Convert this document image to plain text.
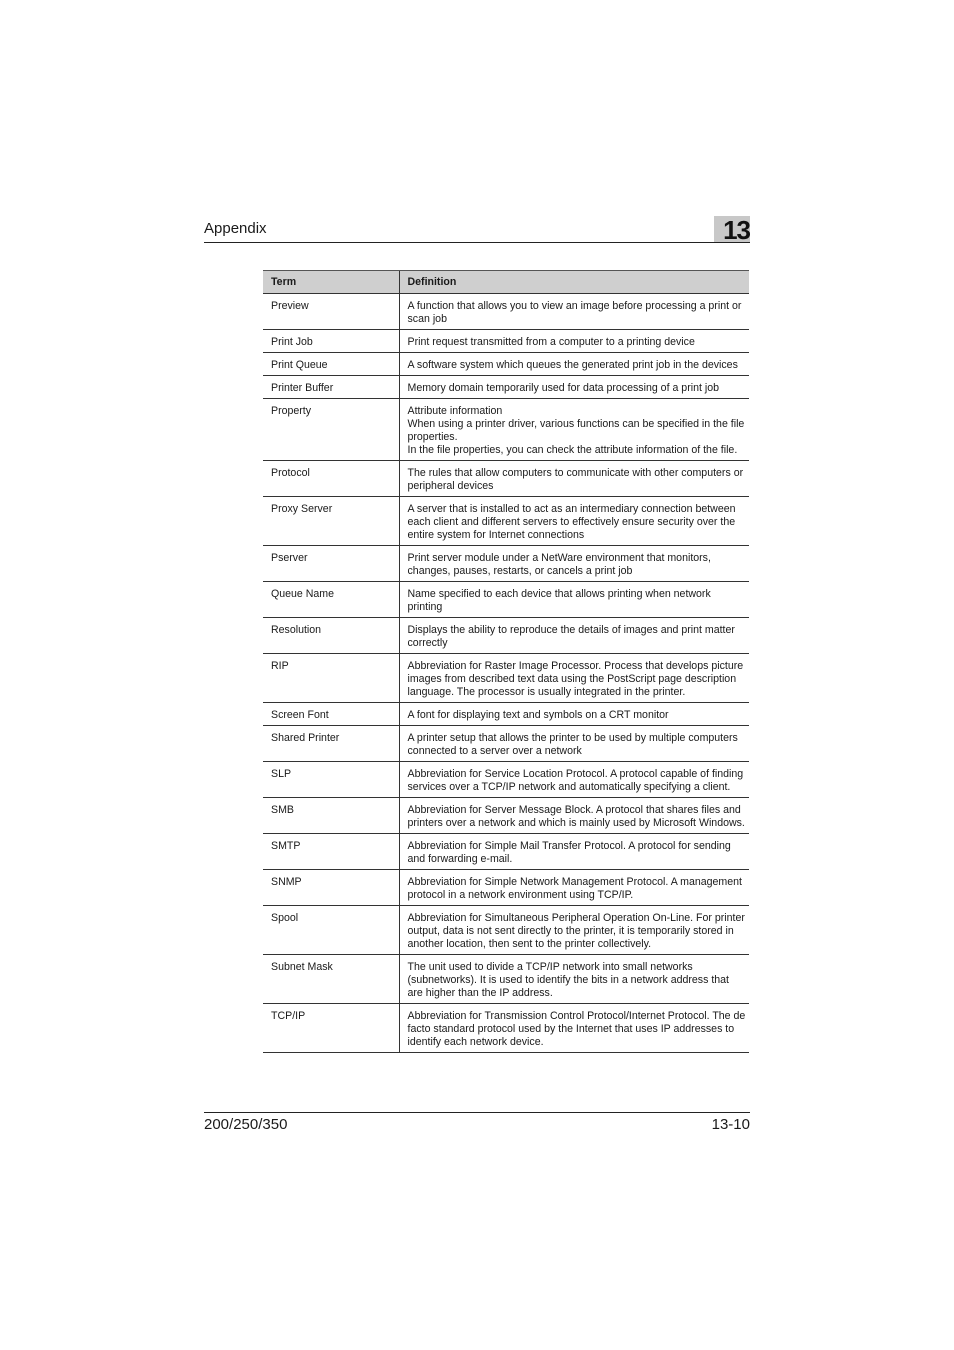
Appendix	13
Term	Definition
Preview	A function that allows you to view an image before processing a print or scan job
Print Job	Print request transmitted from a computer to a printing device
Print Queue	A software system which queues the generated print job in the devices
Printer Buffer	Memory domain temporarily used for data processing of a print job
Property	Attribute information
When using a printer driver, various functions can be specified in the file properties.
In the file properties, you can check the attribute information of the file.
Protocol	The rules that allow computers to communicate with other computers or peripheral devices
Proxy Server	A server that is installed to act as an intermediary connection between each client and different servers to effectively ensure security over the entire system for Internet connections
Pserver	Print server module under a NetWare environment that monitors, changes, pauses, restarts, or cancels a print job
Queue Name	Name specified to each device that allows printing when network printing
Resolution	Displays the ability to reproduce the details of images and print matter correctly
RIP	Abbreviation for Raster Image Processor. Process that develops picture images from described text data using the PostScript page description language. The processor is usually integrated in the printer.
Screen Font	A font for displaying text and symbols on a CRT monitor
Shared Printer	A printer setup that allows the printer to be used by multiple computers connected to a server over a network
SLP	Abbreviation for Service Location Protocol. A protocol capable of finding services over a TCP/IP network and automatically specifying a client.
SMB	Abbreviation for Server Message Block. A protocol that shares files and printers over a network and which is mainly used by Microsoft Windows.
SMTP	Abbreviation for Simple Mail Transfer Protocol. A protocol for sending and forwarding e-mail.
SNMP	Abbreviation for Simple Network Management Protocol. A management protocol in a network environment using TCP/IP.
Spool	Abbreviation for Simultaneous Peripheral Operation On-Line. For printer output, data is not sent directly to the printer, it is temporarily stored in another location, then sent to the printer collectively.
Subnet Mask	The unit used to divide a TCP/IP network into small networks (subnetworks). It is used to identify the bits in a network address that are higher than the IP address.
TCP/IP	Abbreviation for Transmission Control Protocol/Internet Protocol. The de facto standard protocol used by the Internet that uses IP addresses to identify each network device.
200/250/350	13-10
